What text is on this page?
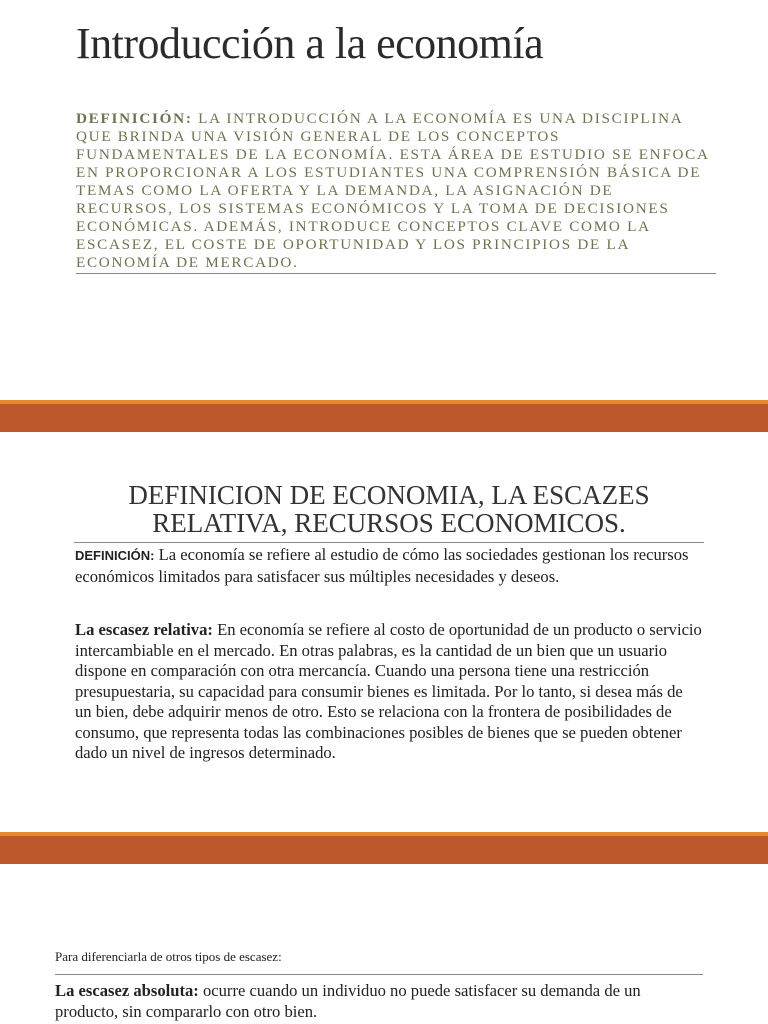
Introducción a la economía

DEFINICIÓN: LA INTRODUCCIÓN A LA ECONOMÍA ES UNA DISCIPLINA QUE BRINDA UNA VISIÓN GENERAL DE LOS CONCEPTOS FUNDAMENTALES DE LA ECONOMÍA. ESTA ÁREA DE ESTUDIO SE ENFOCA EN PROPORCIONAR A LOS ESTUDIANTES UNA COMPRENSIÓN BÁSICA DE TEMAS COMO LA OFERTA Y LA DEMANDA, LA ASIGNACIÓN DE RECURSOS, LOS SISTEMAS ECONÓMICOS Y LA TOMA DE DECISIONES ECONÓMICAS. ADEMÁS, INTRODUCE CONCEPTOS CLAVE COMO LA ESCASEZ, EL COSTE DE OPORTUNIDAD Y LOS PRINCIPIOS DE LA ECONOMÍA DE MERCADO.

DEFINICION DE ECONOMIA, LA ESCAZES RELATIVA, RECURSOS ECONOMICOS.

DEFINICIÓN: La economía se refiere al estudio de cómo las sociedades gestionan los recursos económicos limitados para satisfacer sus múltiples necesidades y deseos.

La escasez relativa: En economía se refiere al costo de oportunidad de un producto o servicio intercambiable en el mercado. En otras palabras, es la cantidad de un bien que un usuario dispone en comparación con otra mercancía. Cuando una persona tiene una restricción presupuestaria, su capacidad para consumir bienes es limitada. Por lo tanto, si desea más de un bien, debe adquirir menos de otro. Esto se relaciona con la frontera de posibilidades de consumo, que representa todas las combinaciones posibles de bienes que se pueden obtener dado un nivel de ingresos determinado.

Para diferenciarla de otros tipos de escasez:

La escasez absoluta: ocurre cuando un individuo no puede satisfacer su demanda de un producto, sin compararlo con otro bien.
